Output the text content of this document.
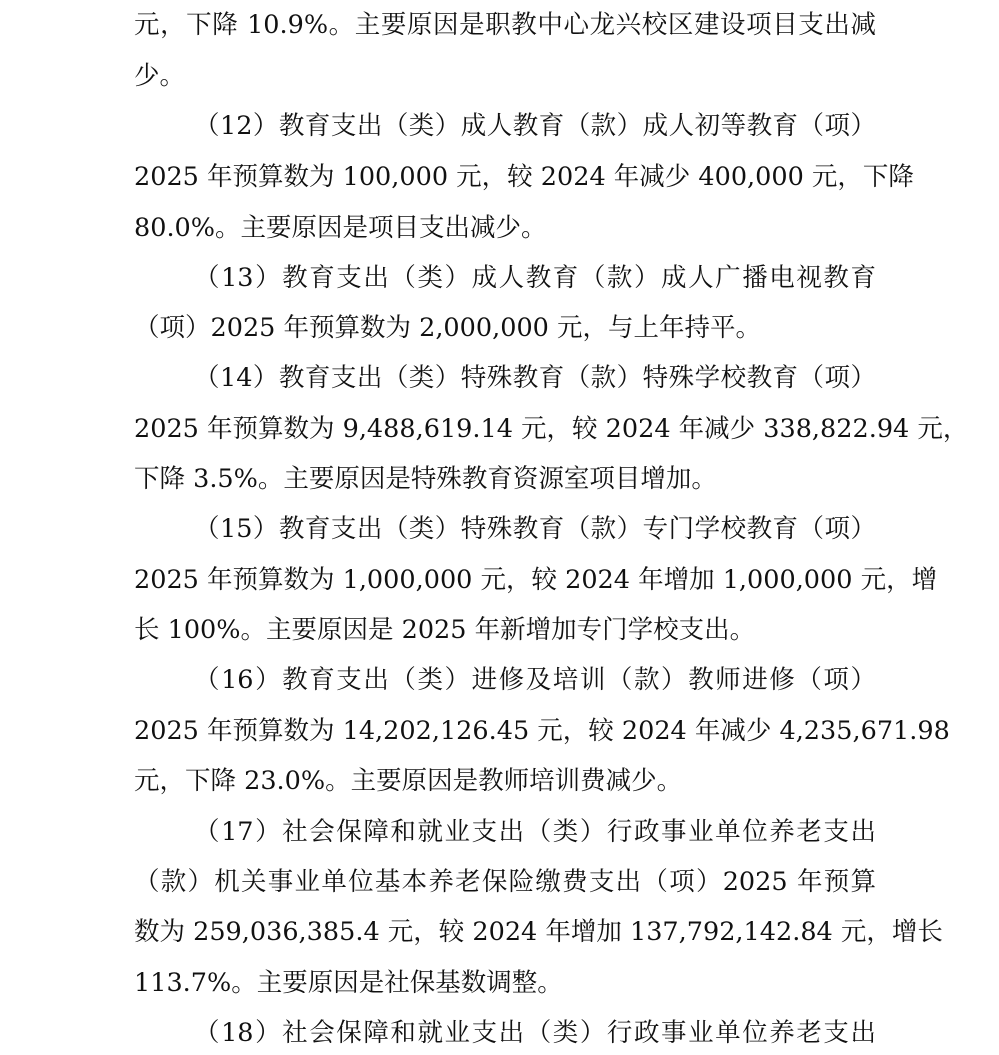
元，下降 10.9%。主要原因是职教中心龙兴校区建设项目支出减
少。
（12）教育支出（类）成人教育（款）成人初等教育（项）
2025 年预算数为 100,000 元，较 2024 年减少 400,000 元，下降
80.0%。主要原因是项目支出减少。
（13）教育支出（类）成人教育（款）成人广播电视教育
（项）2025 年预算数为 2,000,000 元，与上年持平。
（14）教育支出（类）特殊教育（款）特殊学校教育（项）
2025 年预算数为 9,488,619.14 元，较 2024 年减少 338,822.94 元，
下降 3.5%。主要原因是特殊教育资源室项目增加。
（15）教育支出（类）特殊教育（款）专门学校教育（项）
2025 年预算数为 1,000,000 元，较 2024 年增加 1,000,000 元，增
长 100%。主要原因是 2025 年新增加专门学校支出。
（16）教育支出（类）进修及培训（款）教师进修（项）
2025 年预算数为 14,202,126.45 元，较 2024 年减少 4,235,671.98
元，下降 23.0%。主要原因是教师培训费减少。
（17）社会保障和就业支出（类）行政事业单位养老支出
（款）机关事业单位基本养老保险缴费支出（项）2025 年预算
数为 259,036,385.4 元，较 2024 年增加 137,792,142.84 元，增长
113.7%。主要原因是社保基数调整。
（18）社会保障和就业支出（类）行政事业单位养老支出
